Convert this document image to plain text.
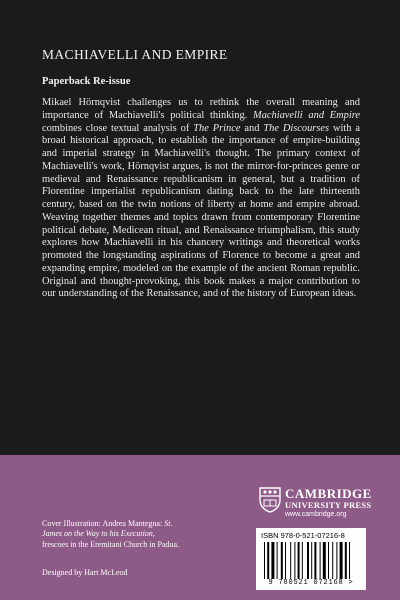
MACHIAVELLI AND EMPIRE
Paperback Re-issue

Mikael Hörnqvist challenges us to rethink the overall meaning and importance of Machiavelli's political thinking. Machiavelli and Empire combines close textual analysis of The Prince and The Discourses with a broad historical approach, to establish the importance of empire-building and imperial strategy in Machiavelli's thought. The primary context of Machiavelli's work, Hörnqvist argues, is not the mirror-for-princes genre or medieval and Renaissance republicanism in general, but a tradition of Florentine imperialist republicanism dating back to the late thirteenth century, based on the twin notions of liberty at home and empire abroad. Weaving together themes and topics drawn from contemporary Florentine political debate, Medicean ritual, and Renaissance triumphalism, this study explores how Machiavelli in his chancery writings and theoretical works promoted the longstanding aspirations of Florence to become a great and expanding empire, modeled on the example of the ancient Roman republic. Original and thought-provoking, this book makes a major contribution to our understanding of the Renaissance, and of the history of European ideas.

Cover Illustration: Andrea Mantegna: St. James on the Way to his Execution, frescoes in the Eremitani Church in Padua.
Designed by Hart McLeod
CAMBRIDGE
UNIVERSITY PRESS
www.cambridge.org
ISBN 978-0-521-07216-8
9 780521 072168 >
